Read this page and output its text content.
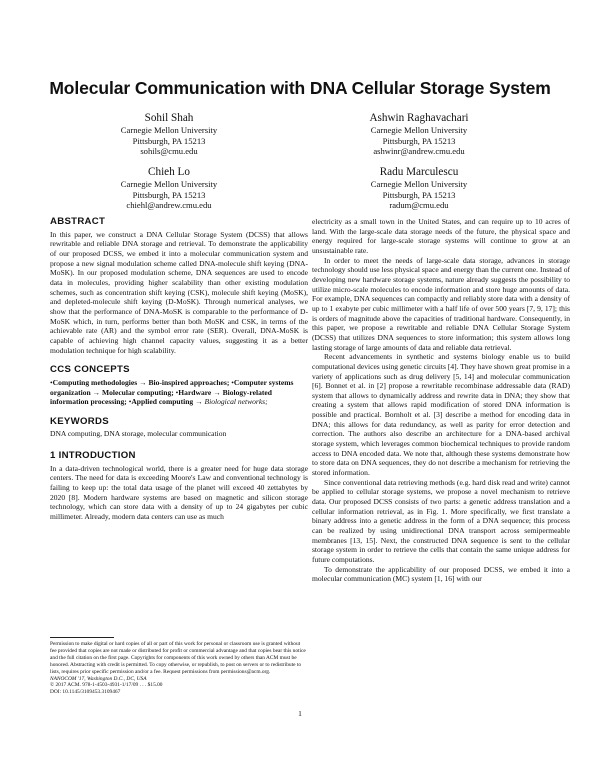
Molecular Communication with DNA Cellular Storage System
Sohil Shah
Carnegie Mellon University
Pittsburgh, PA 15213
sohils@cmu.edu
Ashwin Raghavachari
Carnegie Mellon University
Pittsburgh, PA 15213
ashwinr@andrew.cmu.edu
Chieh Lo
Carnegie Mellon University
Pittsburgh, PA 15213
chiehl@andrew.cmu.edu
Radu Marculescu
Carnegie Mellon University
Pittsburgh, PA 15213
radum@cmu.edu
ABSTRACT

In this paper, we construct a DNA Cellular Storage System (DCSS) that allows rewritable and reliable DNA storage and retrieval. To demonstrate the applicability of our proposed DCSS, we embed it into a molecular communication system and propose a new signal modulation scheme called DNA-molecule shift keying (DNA-MoSK). In our proposed modulation scheme, DNA sequences are used to encode data in molecules, providing higher scalability than other existing modulation schemes, such as concentration shift keying (CSK), molecule shift keying (MoSK), and depleted-molecule shift keying (D-MoSK). Through numerical analyses, we show that the performance of DNA-MoSK is comparable to the performance of D-MoSK which, in turn, performs better than both MoSK and CSK, in terms of the achievable rate (AR) and the symbol error rate (SER). Overall, DNA-MoSK is capable of achieving high channel capacity values, suggesting it as a better modulation technique for high scalability.

CCS CONCEPTS

•Computing methodologies → Bio-inspired approaches; •Computer systems organization → Molecular computing; •Hardware → Biology-related information processing; •Applied computing → Biological networks;

KEYWORDS

DNA computing, DNA storage, molecular communication

1 INTRODUCTION

In a data-driven technological world, there is a greater need for huge data storage centers. The need for data is exceeding Moore's Law and conventional technology is failing to keep up: the total data usage of the planet will exceed 40 zettabytes by 2020 [8]. Modern hardware systems are based on magnetic and silicon storage technology, which can store data with a density of up to 24 gigabytes per cubic millimeter. Already, modern data centers can use as much

Permission to make digital or hard copies of all or part of this work for personal or classroom use is granted without fee provided that copies are not made or distributed for profit or commercial advantage and that copies bear this notice and the full citation on the first page. Copyrights for components of this work owned by others than ACM must be honored. Abstracting with credit is permitted. To copy otherwise, or republish, to post on servers or to redistribute to lists, requires prior specific permission and/or a fee. Request permissions from permissions@acm.org.

NANOCOM '17, Washington D.C., DC, USA

© 2017 ACM. 978-1-4503-4931-1/17/09 . . . $15.00

DOI: 10.1145/3109453.3109467

electricity as a small town in the United States, and can require up to 10 acres of land. With the large-scale data storage needs of the future, the physical space and energy required for large-scale storage systems will continue to grow at an unsustainable rate.

In order to meet the needs of large-scale data storage, advances in storage technology should use less physical space and energy than the current one. Instead of developing new hardware storage systems, nature already suggests the possibility to utilize micro-scale molecules to encode information and store huge amounts of data. For example, DNA sequences can compactly and reliably store data with a density of up to 1 exabyte per cubic millimeter with a half life of over 500 years [7, 9, 17]; this is orders of magnitude above the capacities of traditional hardware. Consequently, in this paper, we propose a rewritable and reliable DNA Cellular Storage System (DCSS) that utilizes DNA sequences to store information; this system allows long lasting storage of large amounts of data and reliable data retrieval.

Recent advancements in synthetic and systems biology enable us to build computational devices using genetic circuits [4]. They have shown great promise in a variety of applications such as drug delivery [5, 14] and molecular communication [6]. Bonnet et al. in [2] propose a rewritable recombinase addressable data (RAD) system that allows to dynamically address and rewrite data in DNA; they show that creating a system that allows rapid modification of stored DNA information is possible and practical. Bornholt et al. [3] describe a method for encoding data in DNA; this allows for data redundancy, as well as parity for error detection and correction. The authors also describe an architecture for a DNA-based archival storage system, which leverages common biochemical techniques to provide random access to DNA encoded data. We note that, although these systems demonstrate how to store data on DNA sequences, they do not describe a mechanism for retrieving the stored information.

Since conventional data retrieving methods (e.g. hard disk read and write) cannot be applied to cellular storage systems, we propose a novel mechanism to retrieve data. Our proposed DCSS consists of two parts: a genetic address translation and a cellular information retrieval, as in Fig. 1. More specifically, we first translate a binary address into a genetic address in the form of a DNA sequence; this process can be realized by using unidirectional DNA transport across semipermeable membranes [13, 15]. Next, the constructed DNA sequence is sent to the cellular storage system in order to retrieve the cells that contain the same unique address for future computations.

To demonstrate the applicability of our proposed DCSS, we embed it into a molecular communication (MC) system [1, 16] with our

1
